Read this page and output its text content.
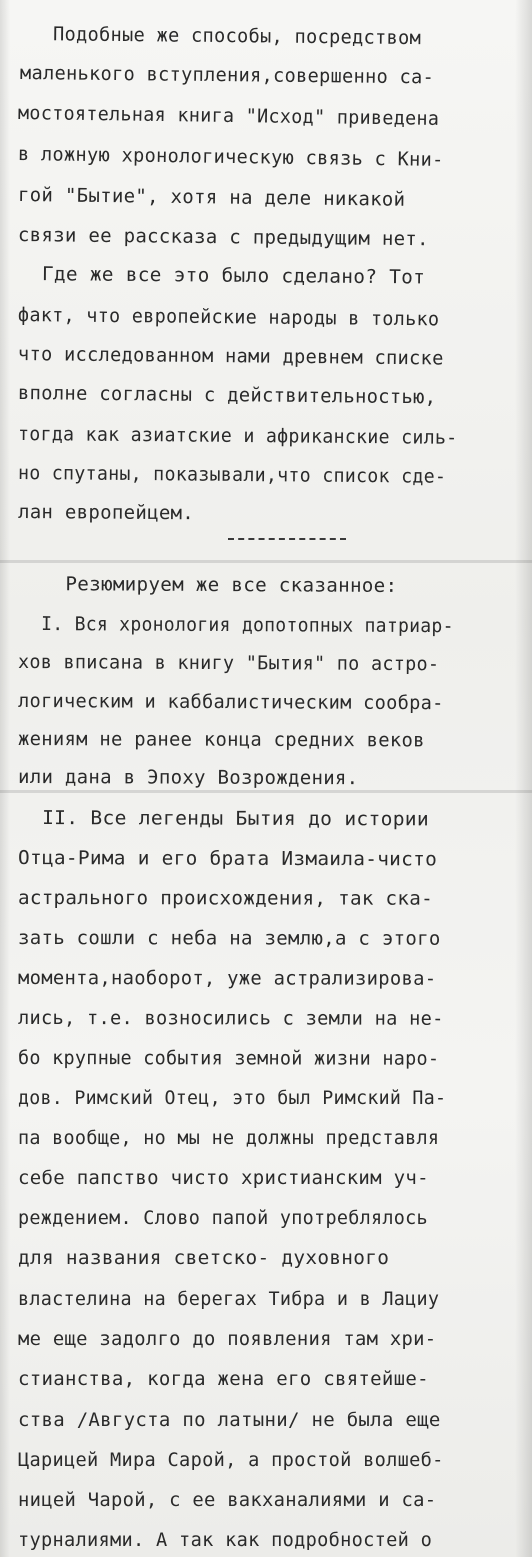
Подобные же способы, посредством
маленького вступления,совершенно са-
мостоятельная книга "Исход" приведена
в ложную хронологическую связь с Кни-
гой "Бытие", хотя на деле никакой
связи ее рассказа с предыдущим нет.
Где же все это было сделано? Тот
факт, что европейские народы в только
что исследованном нами древнем списке
вполне согласны с действительностью,
тогда как азиатские и африканские силь-
но спутаны, показывали,что список сде-
лан европейцем.
Резюмируем же все сказанное:
I. Вся хронология допотопных патриар-
хов вписана в книгу "Бытия" по астро-
логическим и каббалистическим сообра-
жениям не ранее конца средних веков
или дана в Эпоху Возрождения.
II. Все легенды Бытия до истории
Отца-Рима и его брата Измаила-чисто
астрального происхождения, так ска-
зать сошли с неба на землю,а с этого
момента,наоборот, уже астрализирова-
лись, т.е. возносились с земли на не-
бо крупные события земной жизни наро-
дов. Римский Отец, это был Римский Па-
па вообще, но мы не должны представля
себе папство чисто христианским уч-
реждением. Слово папой употреблялось
для названия светско- духовного
властелина на берегах Тибра и в Лациу
ме еще задолго до появления там хри-
стианства, когда жена его святейше-
ства /Августа по латыни/ не была еще
Царицей Мира Сарой, а простой волшеб-
ницей Чарой, с ее вакханалиями и са-
турналиями. А так как подробностей о
